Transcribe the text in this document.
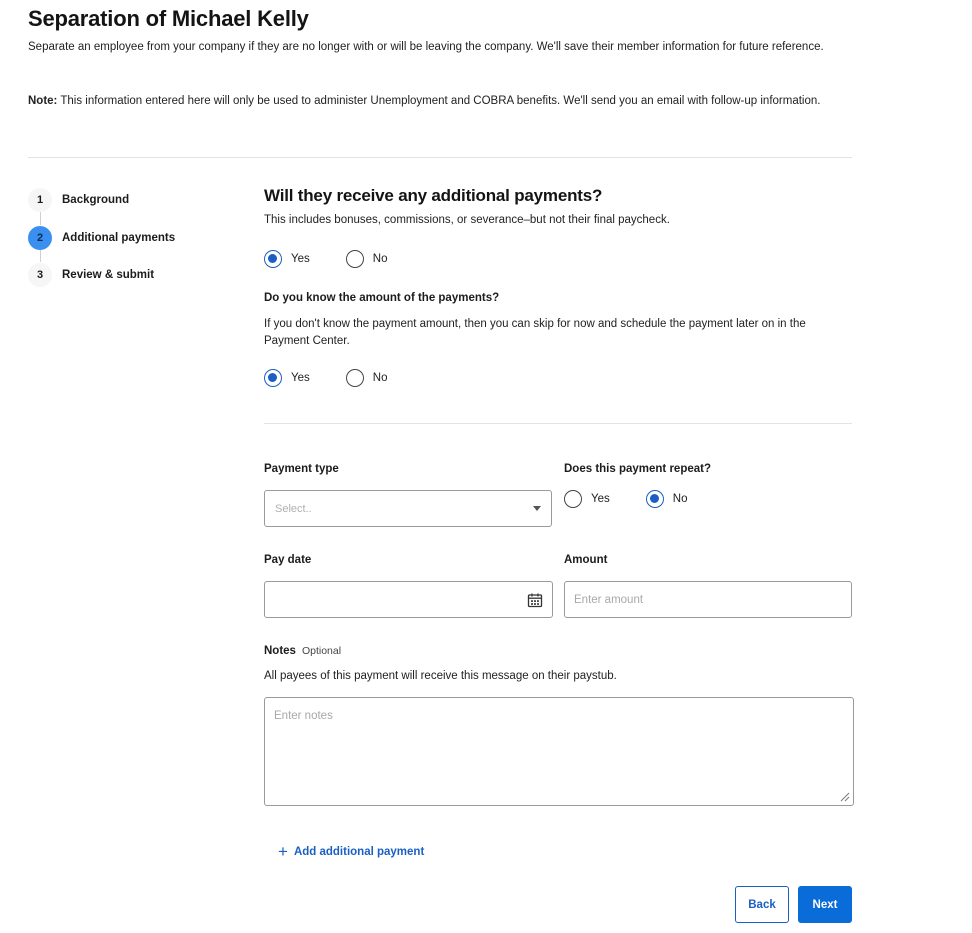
Separation of Michael Kelly

Separate an employee from your company if they are no longer with or will be leaving the company. We'll save their member information for future reference.

Note: This information entered here will only be used to administer Unemployment and COBRA benefits. We'll send you an email with follow-up information.

1	Background
2	Additional payments
3	Review & submit
Will they receive any additional payments?

This includes bonuses, commissions, or severance–but not their final paycheck.

Yes	No
Do you know the amount of the payments?

If you don't know the payment amount, then you can skip for now and schedule the payment later on in the Payment Center.

Yes	No
Payment type
Select..
Does this payment repeat?
Yes	No
Pay date	Amount
Enter amount
Notes Optional

All payees of this payment will receive this message on their paystub.

Enter notes
+ Add additional payment
Back	Next
